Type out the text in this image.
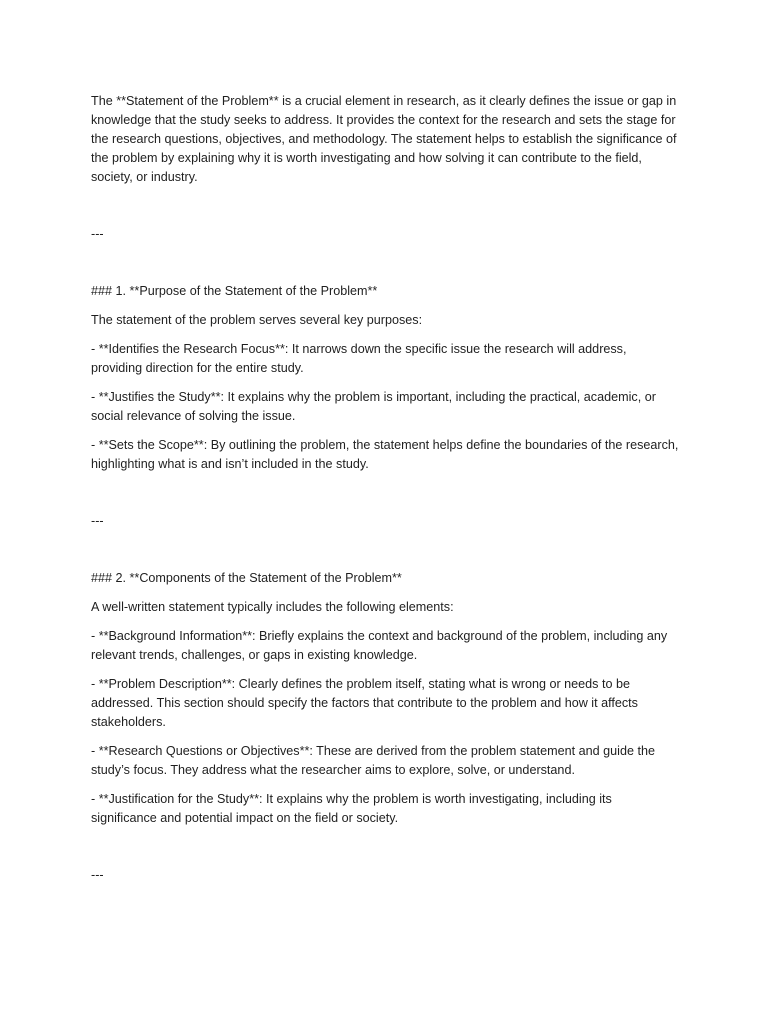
The **Statement of the Problem** is a crucial element in research, as it clearly defines the issue or gap in knowledge that the study seeks to address. It provides the context for the research and sets the stage for the research questions, objectives, and methodology. The statement helps to establish the significance of the problem by explaining why it is worth investigating and how solving it can contribute to the field, society, or industry.

---

### 1. **Purpose of the Statement of the Problem**

The statement of the problem serves several key purposes:

- **Identifies the Research Focus**: It narrows down the specific issue the research will address, providing direction for the entire study.

- **Justifies the Study**: It explains why the problem is important, including the practical, academic, or social relevance of solving the issue.

- **Sets the Scope**: By outlining the problem, the statement helps define the boundaries of the research, highlighting what is and isn’t included in the study.

---

### 2. **Components of the Statement of the Problem**

A well-written statement typically includes the following elements:

- **Background Information**: Briefly explains the context and background of the problem, including any relevant trends, challenges, or gaps in existing knowledge.

- **Problem Description**: Clearly defines the problem itself, stating what is wrong or needs to be addressed. This section should specify the factors that contribute to the problem and how it affects stakeholders.

- **Research Questions or Objectives**: These are derived from the problem statement and guide the study’s focus. They address what the researcher aims to explore, solve, or understand.

- **Justification for the Study**: It explains why the problem is worth investigating, including its significance and potential impact on the field or society.

---
